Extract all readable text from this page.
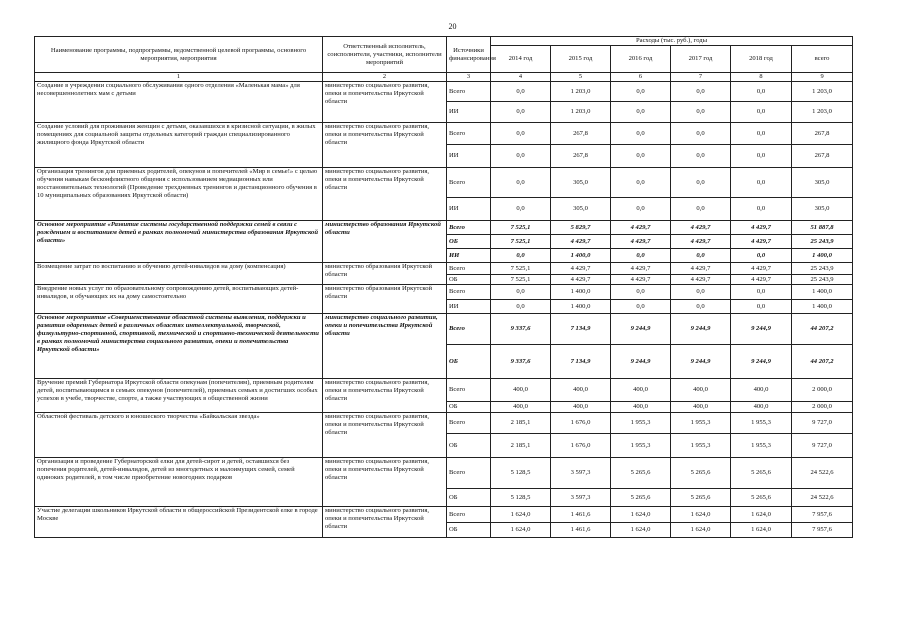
20
Наименование программы, подпрограммы, ведомственной целевой программы, основного мероприятия, мероприятия	Ответственный исполнитель, соисполнители, участники, исполнители мероприятий	Источники финансирования	Расходы (тыс. руб.), годы					
			2014 год	2015 год	2016 год	2017 год	2018 год	всего
1	2	3	4	5	6	7	8	9
Создание в учреждении социального обслуживания одного отделения «Маленькая мама» для несовершеннолетних мам с детьми	министерство социального развития, опеки и попечительства Иркутской области	Всего	0,0	1 203,0	0,0	0,0	0,0	1 203,0
		ИИ	0,0	1 203,0	0,0	0,0	0,0	1 203,0
Создание условий для проживания женщин с детьми, оказавшихся в кризисной ситуации, в жилых помещениях для социальной защиты отдельных категорий граждан специализированного жилищного фонда Иркутской области	министерство социального развития, опеки и попечительства Иркутской области	Всего	0,0	267,8	0,0	0,0	0,0	267,8
		ИИ	0,0	267,8	0,0	0,0	0,0	267,8
Организация тренингов для приемных родителей, опекунов и попечителей «Мир в семье!» с целью обучения навыкам бесконфликтного общения с использованием медиационных или восстановительных технологий (Проведение трехдневных тренингов и дистанционного обучения в 10 муниципальных образованиях Иркутской области)	министерство социального развития, опеки и попечительства Иркутской области	Всего	0,0	305,0	0,0	0,0	0,0	305,0
		ИИ	0,0	305,0	0,0	0,0	0,0	305,0
Основное мероприятие «Развитие системы государственной поддержки семей в связи с рождением и воспитанием детей в рамках полномочий министерства образования Иркутской области»	министерство образования Иркутской области	Всего	7 525,1	5 829,7	4 429,7	4 429,7	4 429,7	51 887,8
		ОБ	7 525,1	4 429,7	4 429,7	4 429,7	4 429,7	25 243,9
		ИИ	0,0	1 400,0	0,0	0,0	0,0	1 400,0
Возмещение затрат по воспитанию и обучению детей-инвалидов на дому (компенсация)	министерство образования Иркутской области	Всего	7 525,1	4 429,7	4 429,7	4 429,7	4 429,7	25 243,9
		ОБ	7 525,1	4 429,7	4 429,7	4 429,7	4 429,7	25 243,9
Внедрение новых услуг по образовательному сопровождению детей, воспитывающих детей-инвалидов, и обучающих их на дому самостоятельно	министерство образования Иркутской области	Всего	0,0	1 400,0	0,0	0,0	0,0	1 400,0
		ИИ	0,0	1 400,0	0,0	0,0	0,0	1 400,0
Основное мероприятие «Совершенствование областной системы выявления, поддержки и развития одаренных детей в различных областях интеллектуальной, творческой, физкультурно-спортивной, спортивной, технической и спортивно-технической деятельности в рамках полномочий министерства социального развития, опеки и попечительства Иркутской области»	министерство социального развития, опеки и попечительства Иркутской области	Всего	9 337,6	7 134,9	9 244,9	9 244,9	9 244,9	44 207,2
		ОБ	9 337,6	7 134,9	9 244,9	9 244,9	9 244,9	44 207,2
Вручение премий Губернатора Иркутской области опекунам (попечителям), приемным родителям детей, воспитывающимся в семьях опекунов (попечителей), приемных семьях и достигших особых успехов в учебе, творчестве, спорте, а также участвующих в общественной жизни	министерство социального развития, опеки и попечительства Иркутской области	Всего	400,0	400,0	400,0	400,0	400,0	2 000,0
		ОБ	400,0	400,0	400,0	400,0	400,0	2 000,0
Областной фестиваль детского и юношеского творчества «Байкальская звезда»	министерство социального развития, опеки и попечительства Иркутской области	Всего	2 185,1	1 676,0	1 955,3	1 955,3	1 955,3	9 727,0
		ОБ	2 185,1	1 676,0	1 955,3	1 955,3	1 955,3	9 727,0
Организация и проведение Губернаторской елки для детей-сирот и детей, оставшихся без попечения родителей, детей-инвалидов, детей из многодетных и малоимущих семей, семей одиноких родителей, в том числе приобретение новогодних подарков	министерство социального развития, опеки и попечительства Иркутской области	Всего	5 128,5	3 597,3	5 265,6	5 265,6	5 265,6	24 522,6
		ОБ	5 128,5	3 597,3	5 265,6	5 265,6	5 265,6	24 522,6
Участие делегации школьников Иркутской области в общероссийской Президентской елке в городе Москве	министерство социального развития, опеки и попечительства Иркутской области	Всего	1 624,0	1 461,6	1 624,0	1 624,0	1 624,0	7 957,6
		ОБ	1 624,0	1 461,6	1 624,0	1 624,0	1 624,0	7 957,6
